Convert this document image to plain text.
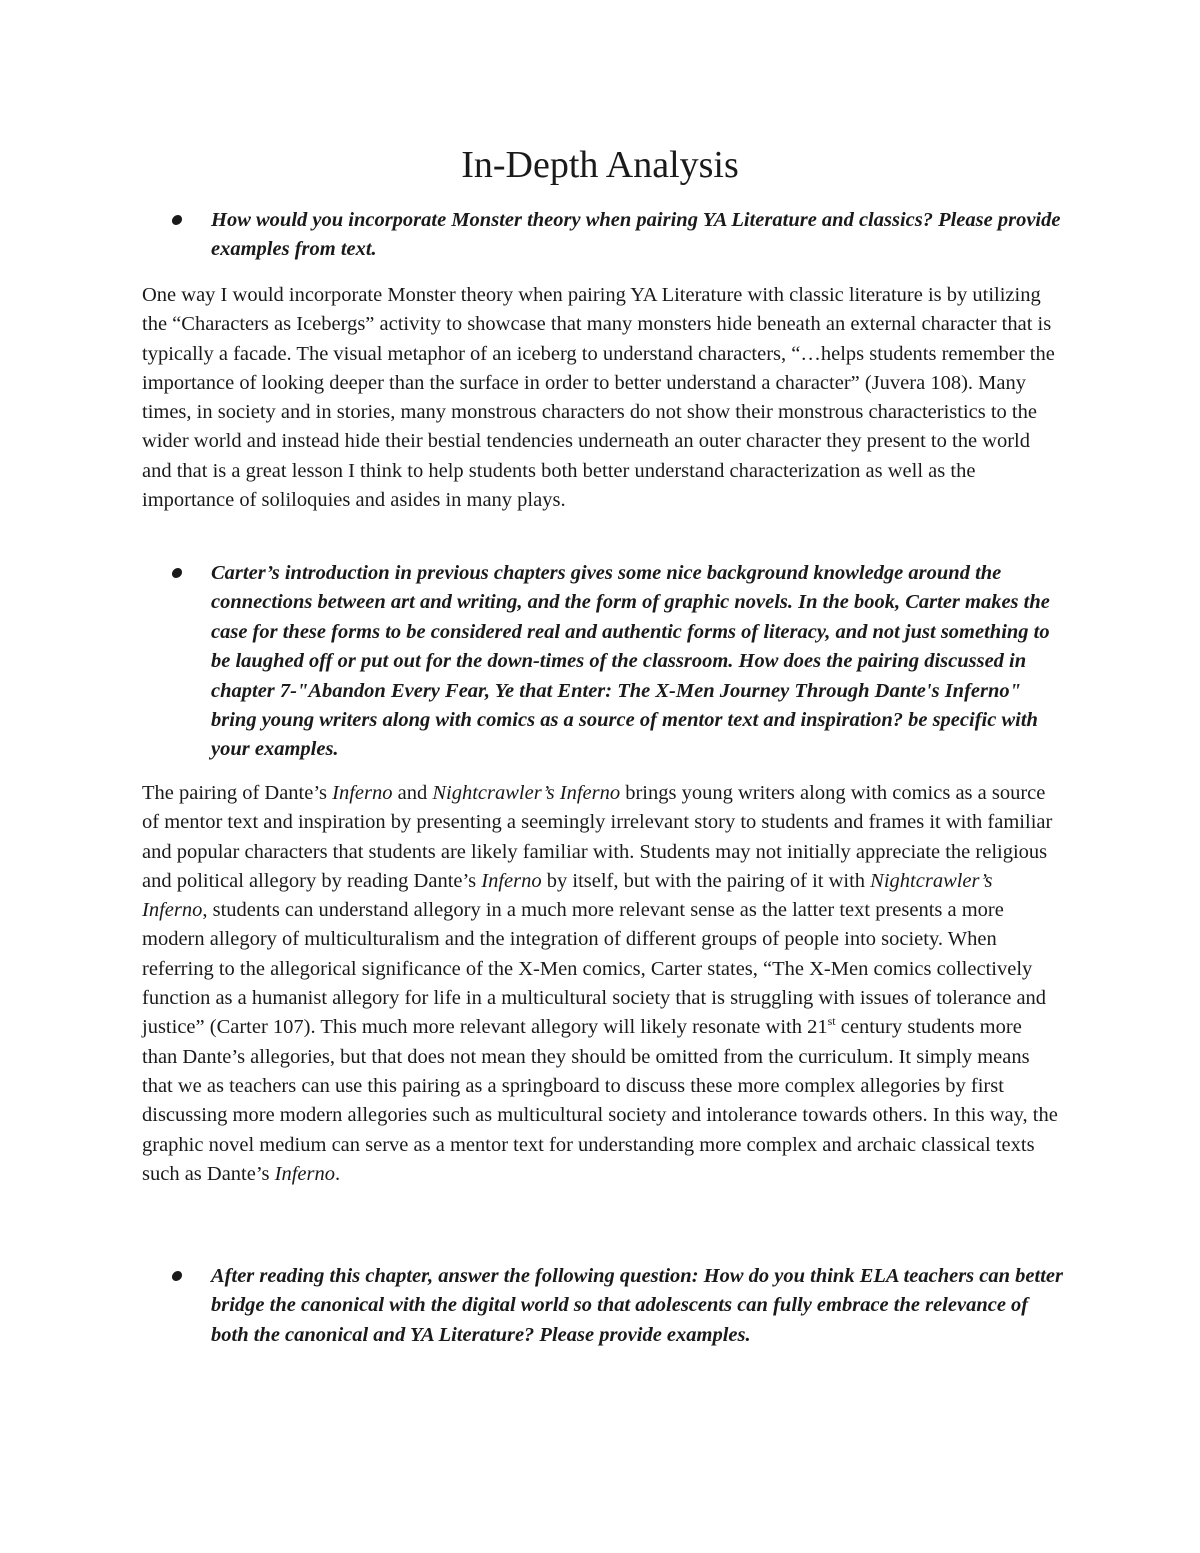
In-Depth Analysis
How would you incorporate Monster theory when pairing YA Literature and classics? Please provide examples from text.

One way I would incorporate Monster theory when pairing YA Literature with classic literature is by utilizing the “Characters as Icebergs” activity to showcase that many monsters hide beneath an external character that is typically a facade. The visual metaphor of an iceberg to understand characters, “…helps students remember the importance of looking deeper than the surface in order to better understand a character” (Juvera 108). Many times, in society and in stories, many monstrous characters do not show their monstrous characteristics to the wider world and instead hide their bestial tendencies underneath an outer character they present to the world and that is a great lesson I think to help students both better understand characterization as well as the importance of soliloquies and asides in many plays.

Carter’s introduction in previous chapters gives some nice background knowledge around the connections between art and writing, and the form of graphic novels. In the book, Carter makes the case for these forms to be considered real and authentic forms of literacy, and not just something to be laughed off or put out for the down-times of the classroom. How does the pairing discussed in chapter 7-"Abandon Every Fear, Ye that Enter: The X-Men Journey Through Dante's Inferno" bring young writers along with comics as a source of mentor text and inspiration? be specific with your examples.

The pairing of Dante’s Inferno and Nightcrawler’s Inferno brings young writers along with comics as a source of mentor text and inspiration by presenting a seemingly irrelevant story to students and frames it with familiar and popular characters that students are likely familiar with. Students may not initially appreciate the religious and political allegory by reading Dante’s Inferno by itself, but with the pairing of it with Nightcrawler’s Inferno, students can understand allegory in a much more relevant sense as the latter text presents a more modern allegory of multiculturalism and the integration of different groups of people into society. When referring to the allegorical significance of the X-Men comics, Carter states, “The X-Men comics collectively function as a humanist allegory for life in a multicultural society that is struggling with issues of tolerance and justice” (Carter 107). This much more relevant allegory will likely resonate with 21st century students more than Dante’s allegories, but that does not mean they should be omitted from the curriculum. It simply means that we as teachers can use this pairing as a springboard to discuss these more complex allegories by first discussing more modern allegories such as multicultural society and intolerance towards others. In this way, the graphic novel medium can serve as a mentor text for understanding more complex and archaic classical texts such as Dante’s Inferno.

After reading this chapter, answer the following question: How do you think ELA teachers can better bridge the canonical with the digital world so that adolescents can fully embrace the relevance of both the canonical and YA Literature? Please provide examples.
